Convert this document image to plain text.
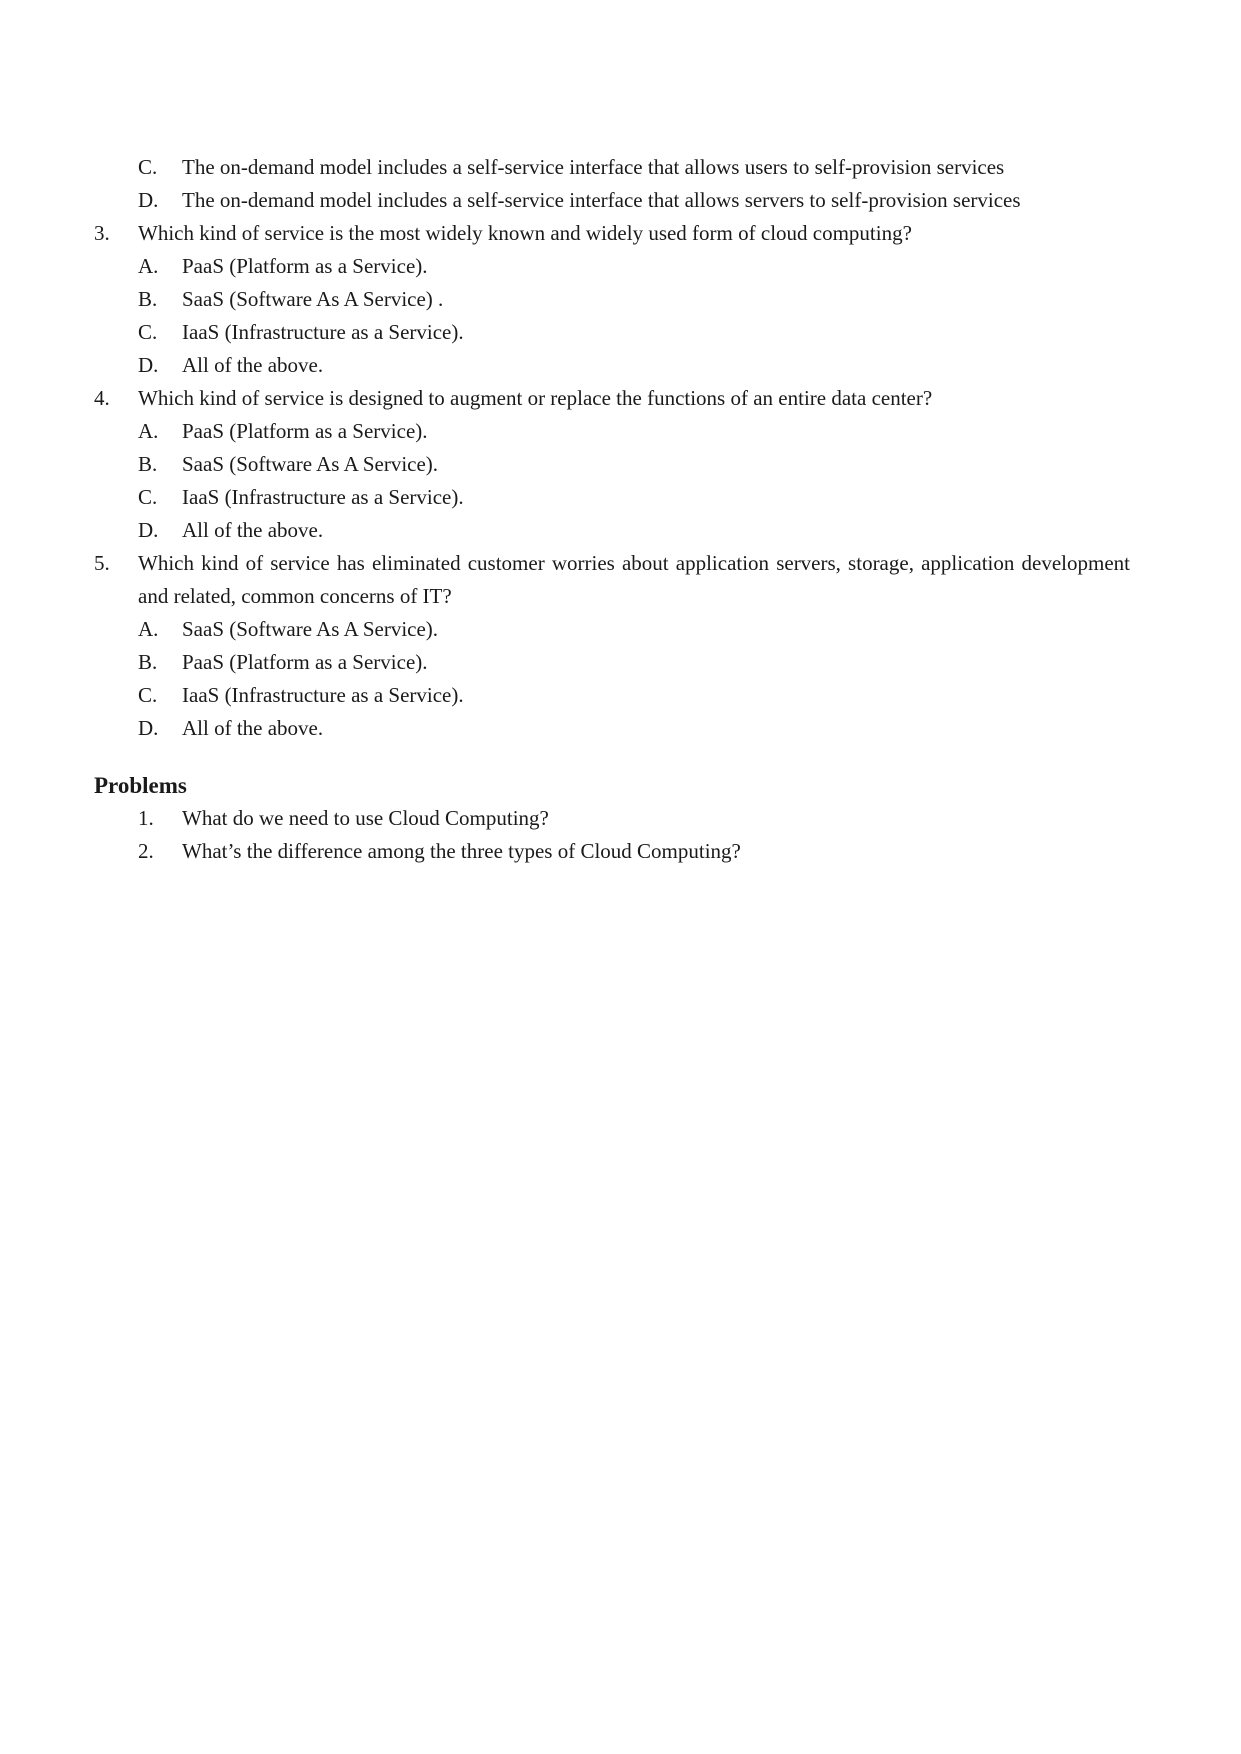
C.	The on-demand model includes a self-service interface that allows users to self-provision services
D.	The on-demand model includes a self-service interface that allows servers to self-provision services
3.	Which kind of service is the most widely known and widely used form of cloud computing?
A.	PaaS (Platform as a Service).
B.	SaaS (Software As A Service) .
C.	IaaS (Infrastructure as a Service).
D.	All of the above.
4.	Which kind of service is designed to augment or replace the functions of an entire data center?
A.	PaaS (Platform as a Service).
B.	SaaS (Software As A Service).
C.	IaaS (Infrastructure as a Service).
D.	All of the above.
5.	Which kind of service has eliminated customer worries about application servers, storage, application development and related, common concerns of IT?
A.	SaaS (Software As A Service).
B.	PaaS (Platform as a Service).
C.	IaaS (Infrastructure as a Service).
D.	All of the above.
Problems
1.	What do we need to use Cloud Computing?
2.	What’s the difference among the three types of Cloud Computing?
